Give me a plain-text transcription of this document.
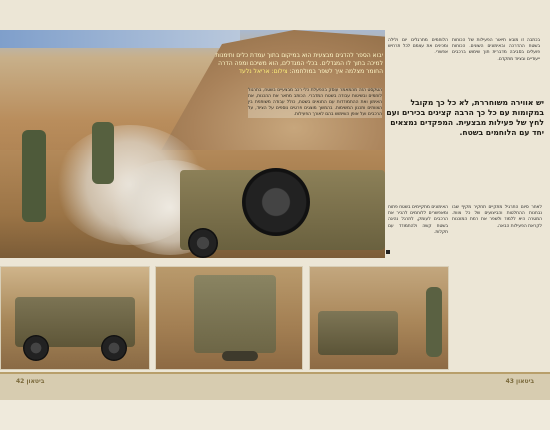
יבוא הספר להדגים מבצעית הוא במיקום בתוך עמדת כלים ותימנות למיכה בתוך לו המגדלים. בכלי המגדלים, הוא משיכם ומפה הדרה החומר מצלמה איך לשפר במולחמה: צילום: אריאל נלעד
הטקסט הזה מהמאמר עוסק בהפעלת כלי רכב מבצעיים בשטח, בתרגול לוחמים ובשיטות עבודה בשטח המדברי. הכותב מתאר את ההכנות, את האימון ואת ההתמודדות עם התנאים בשטח, כולל עבודה משותפת בין הצוותים ותכנון המשימות. בהמשך מוצגים פרטים נוספים על הציוד, על הרכבים ועל אופן השימוש בהם לאורך הפעילות.
בכתבה זו מובא תיאור הפעילות של הכוחות בשטח ההדרכה ובאימונים השונים. הכוחות פועלים בסביבה מדברית תוך שימוש ברכבים ייעודיים ובציוד מתקדם.
הלוחמים מתרגלים יום ולילה ומכינים את עצמם לכל תרחיש אפשרי.
יש אווירה משוחררת, לא כל כך מקובל במקומות עם כל כך הרבה קצינים בכירים ועם לחץ של פעילות מבצעית. המפקדים נמצאים יחד עם הלוחמים בשטח.
האימונים מתקיימים בשטח פתוח ומאפשרים ללוחמים להכיר את הרכבים לעומק, לתרגל נהיגה בשטח קשה ולהתמודד עם תקלות.
לאחר סיום התרגיל מתקיים תחקיר מקיף שבו נבחנות ההחלטות והביצועים של כל צוות. המטרה היא ללמוד ולשפר את רמת המוכנות לקראת הפעילות הבאה.
ביטאון 42	ביטאון 43
